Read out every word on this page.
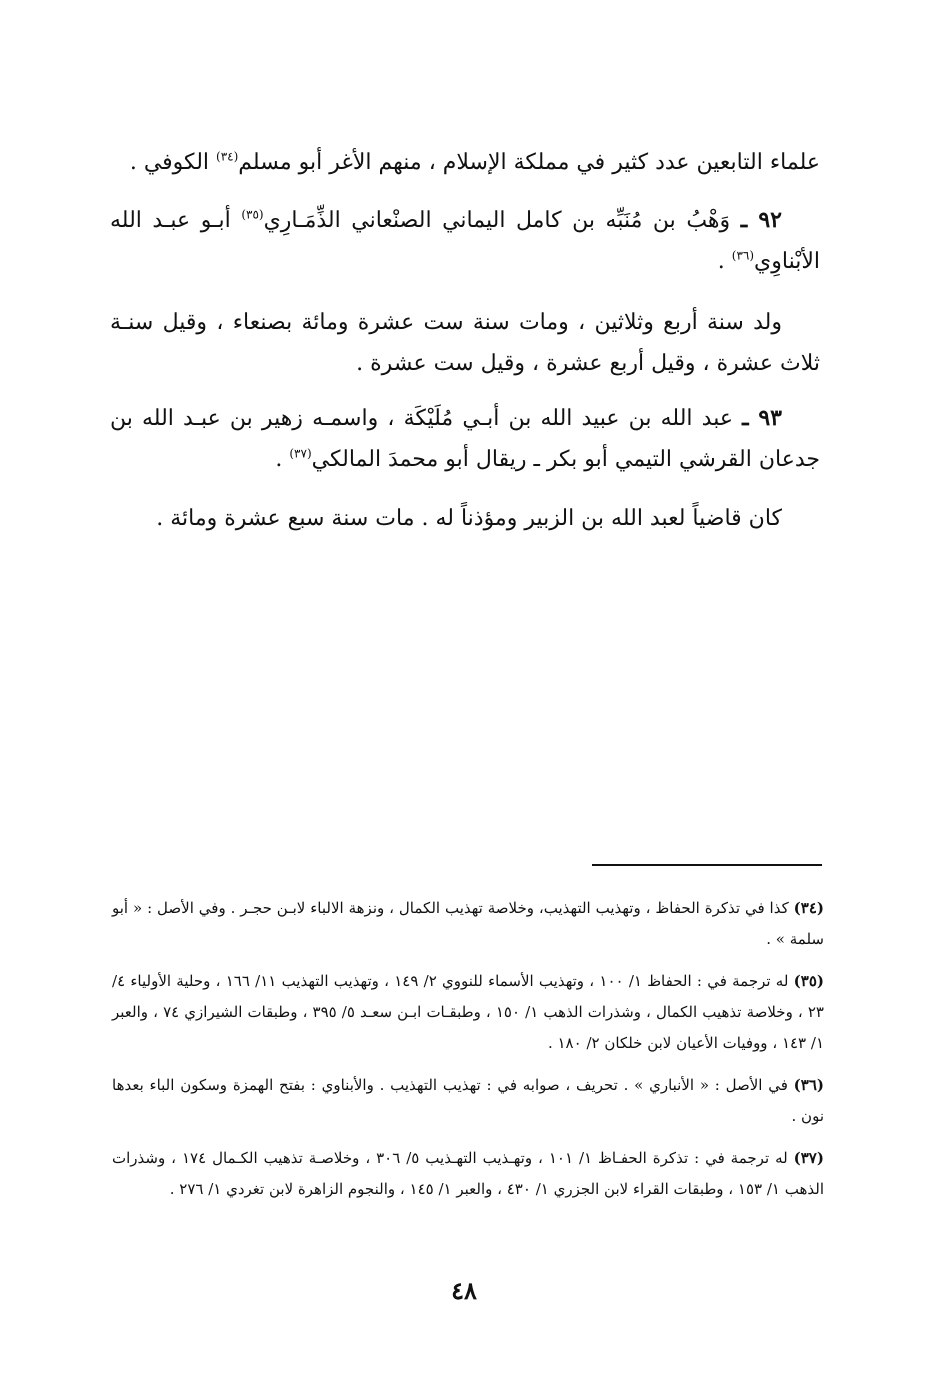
علماء التابعين عدد كثير في مملكة الإسلام ، منهم الأغر أبو مسلم$^{(٣٤)}$ الكوفي .

٩٢ ـ وَهْبُ بن مُنَبِّه بن كامل اليماني الصنْعاني الذِّمَـارِي$^{(٣٥)}$ أبـو عبـد الله الأبْناوِي$^{(٣٦)}$ .

ولد سنة أربع وثلاثين ، ومات سنة ست عشرة ومائة بصنعاء ، وقيل سنـة ثلاث عشرة ، وقيل أربع عشرة ، وقيل ست عشرة .

٩٣ ـ عبد الله بن عبيد الله بن أبـي مُلَيْكَة ، واسمـه زهير بن عبـد الله بن جدعان القرشي التيمي أبو بكر ـ ريقال أبو محمدَ المالكي$^{(٣٧)}$ .

كان قاضياً لعبد الله بن الزبير ومؤذناً له . مات سنة سبع عشرة ومائة .

(٣٤) كذا في تذكرة الحفاظ ، وتهذيب التهذيب، وخلاصة تهذيب الكمال ، ونزهة الالباء لابـن حجـر . وفي الأصل : « أبو سلمة » .

(٣٥) له ترجمة في : الحفاظ ١/ ١٠٠ ، وتهذيب الأسماء للنووي ٢/ ١٤٩ ، وتهذيب التهذيب ١١/ ١٦٦ ، وحلية الأولياء ٤/ ٢٣ ، وخلاصة تذهيب الكمال ، وشذرات الذهب ١/ ١٥٠ ، وطبقـات ابـن سعـد ٥/ ٣٩٥ ، وطبقات الشيرازي ٧٤ ، والعبر ١/ ١٤٣ ، ووفيات الأعيان لابن خلكان ٢/ ١٨٠ .

(٣٦) في الأصل : « الأنباري » . تحريف ، صوابه في : تهذيب التهذيب . والأبناوي : بفتح الهمزة وسكون الباء بعدها نون .

(٣٧) له ترجمة في : تذكرة الحفـاظ ١/ ١٠١ ، وتهـذيب التهـذيب ٥/ ٣٠٦ ، وخلاصـة تذهيب الكـمال ١٧٤ ، وشذرات الذهب ١/ ١٥٣ ، وطبقات القراء لابن الجزري ١/ ٤٣٠ ، والعبر ١/ ١٤٥ ، والنجوم الزاهرة لابن تغردي ١/ ٢٧٦ .

٤٨
